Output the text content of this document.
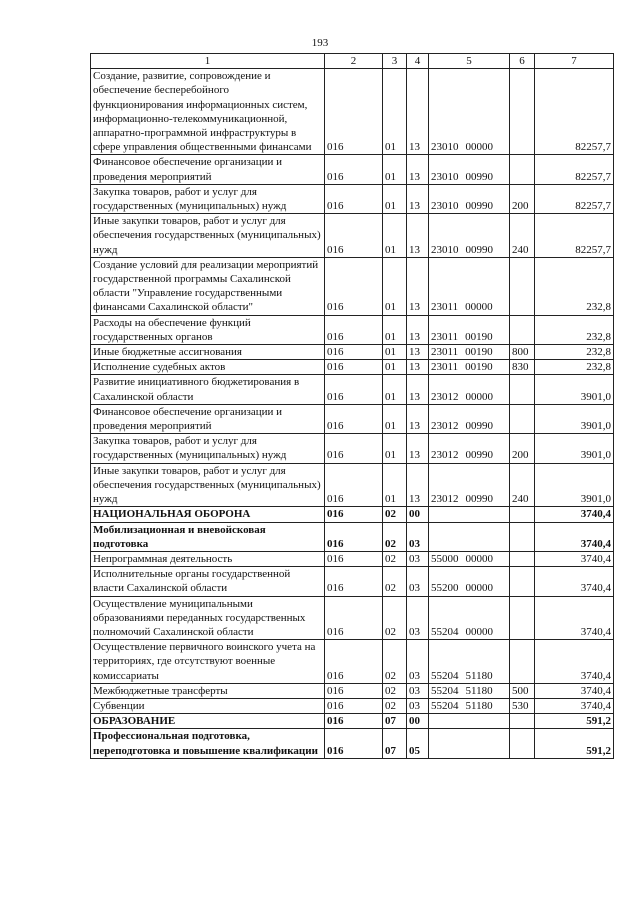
193
1	2	3	4	5	6	7
Создание, развитие, сопровождение и обеспечение бесперебойного функционирования информационных систем, информационно-телекоммуникационной, аппаратно-программной инфраструктуры в сфере управления общественными финансами	016	01	13	23010 00000		82257,7
Финансовое обеспечение организации и проведения мероприятий	016	01	13	23010 00990		82257,7
Закупка товаров, работ и услуг для государственных (муниципальных) нужд	016	01	13	23010 00990	200	82257,7
Иные закупки товаров, работ и услуг для обеспечения государственных (муниципальных) нужд	016	01	13	23010 00990	240	82257,7
Создание условий для реализации мероприятий государственной программы Сахалинской области "Управление государственными финансами Сахалинской области"	016	01	13	23011 00000		232,8
Расходы на обеспечение функций государственных органов	016	01	13	23011 00190		232,8
Иные бюджетные ассигнования	016	01	13	23011 00190	800	232,8
Исполнение судебных актов	016	01	13	23011 00190	830	232,8
Развитие инициативного бюджетирования в Сахалинской области	016	01	13	23012 00000		3901,0
Финансовое обеспечение организации и проведения мероприятий	016	01	13	23012 00990		3901,0
Закупка товаров, работ и услуг для государственных (муниципальных) нужд	016	01	13	23012 00990	200	3901,0
Иные закупки товаров, работ и услуг для обеспечения государственных (муниципальных) нужд	016	01	13	23012 00990	240	3901,0
НАЦИОНАЛЬНАЯ ОБОРОНА	016	02	00			3740,4
Мобилизационная и вневойсковая подготовка	016	02	03			3740,4
Непрограммная деятельность	016	02	03	55000 00000		3740,4
Исполнительные органы государственной власти Сахалинской области	016	02	03	55200 00000		3740,4
Осуществление муниципальными образованиями переданных государственных полномочий Сахалинской области	016	02	03	55204 00000		3740,4
Осуществление первичного воинского учета на территориях, где отсутствуют военные комиссариаты	016	02	03	55204 51180		3740,4
Межбюджетные трансферты	016	02	03	55204 51180	500	3740,4
Субвенции	016	02	03	55204 51180	530	3740,4
ОБРАЗОВАНИЕ	016	07	00			591,2
Профессиональная подготовка, переподготовка и повышение квалификации	016	07	05			591,2
